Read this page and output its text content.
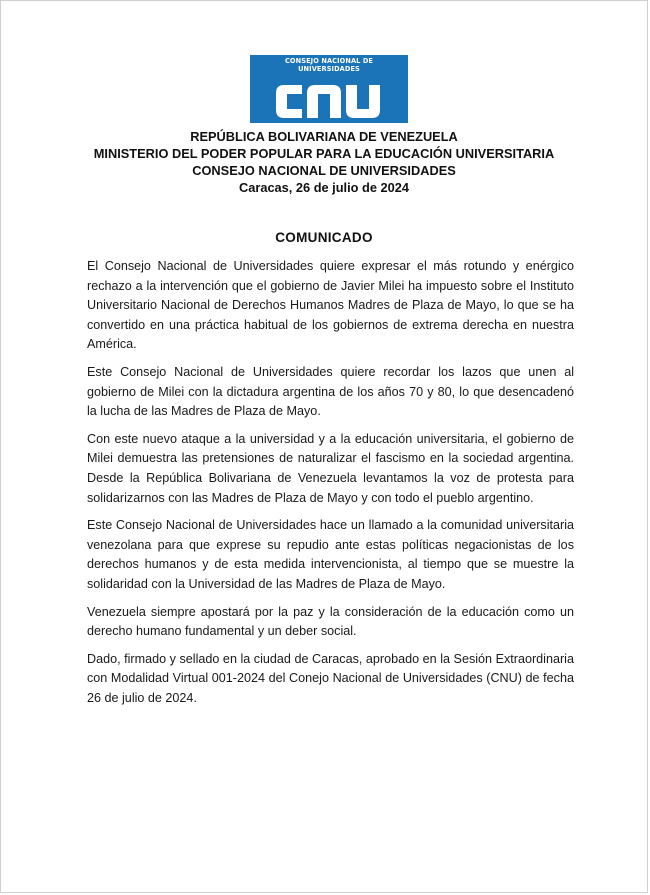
CONSEJO NACIONAL DE
UNIVERSIDADES
REPÚBLICA BOLIVARIANA DE VENEZUELA
MINISTERIO DEL PODER POPULAR PARA LA EDUCACIÓN UNIVERSITARIA
CONSEJO NACIONAL DE UNIVERSIDADES
Caracas, 26 de julio de 2024
COMUNICADO

El Consejo Nacional de Universidades quiere expresar el más rotundo y enérgico rechazo a la intervención que el gobierno de Javier Milei ha impuesto sobre el Instituto Universitario Nacional de Derechos Humanos Madres de Plaza de Mayo, lo que se ha convertido en una práctica habitual de los gobiernos de extrema derecha en nuestra América.

Este Consejo Nacional de Universidades quiere recordar los lazos que unen al gobierno de Milei con la dictadura argentina de los años 70 y 80, lo que desencadenó la lucha de las Madres de Plaza de Mayo.

Con este nuevo ataque a la universidad y a la educación universitaria, el gobierno de Milei demuestra las pretensiones de naturalizar el fascismo en la sociedad argentina. Desde la República Bolivariana de Venezuela levantamos la voz de protesta para solidarizarnos con las Madres de Plaza de Mayo y con todo el pueblo argentino.

Este Consejo Nacional de Universidades hace un llamado a la comunidad universitaria venezolana para que exprese su repudio ante estas políticas negacionistas de los derechos humanos y de esta medida intervencionista, al tiempo que se muestre la solidaridad con la Universidad de las Madres de Plaza de Mayo.

Venezuela siempre apostará por la paz y la consideración de la educación como un derecho humano fundamental y un deber social.

Dado, firmado y sellado en la ciudad de Caracas, aprobado en la Sesión Extraordinaria con Modalidad Virtual 001-2024 del Conejo Nacional de Universidades (CNU) de fecha 26 de julio de 2024.
